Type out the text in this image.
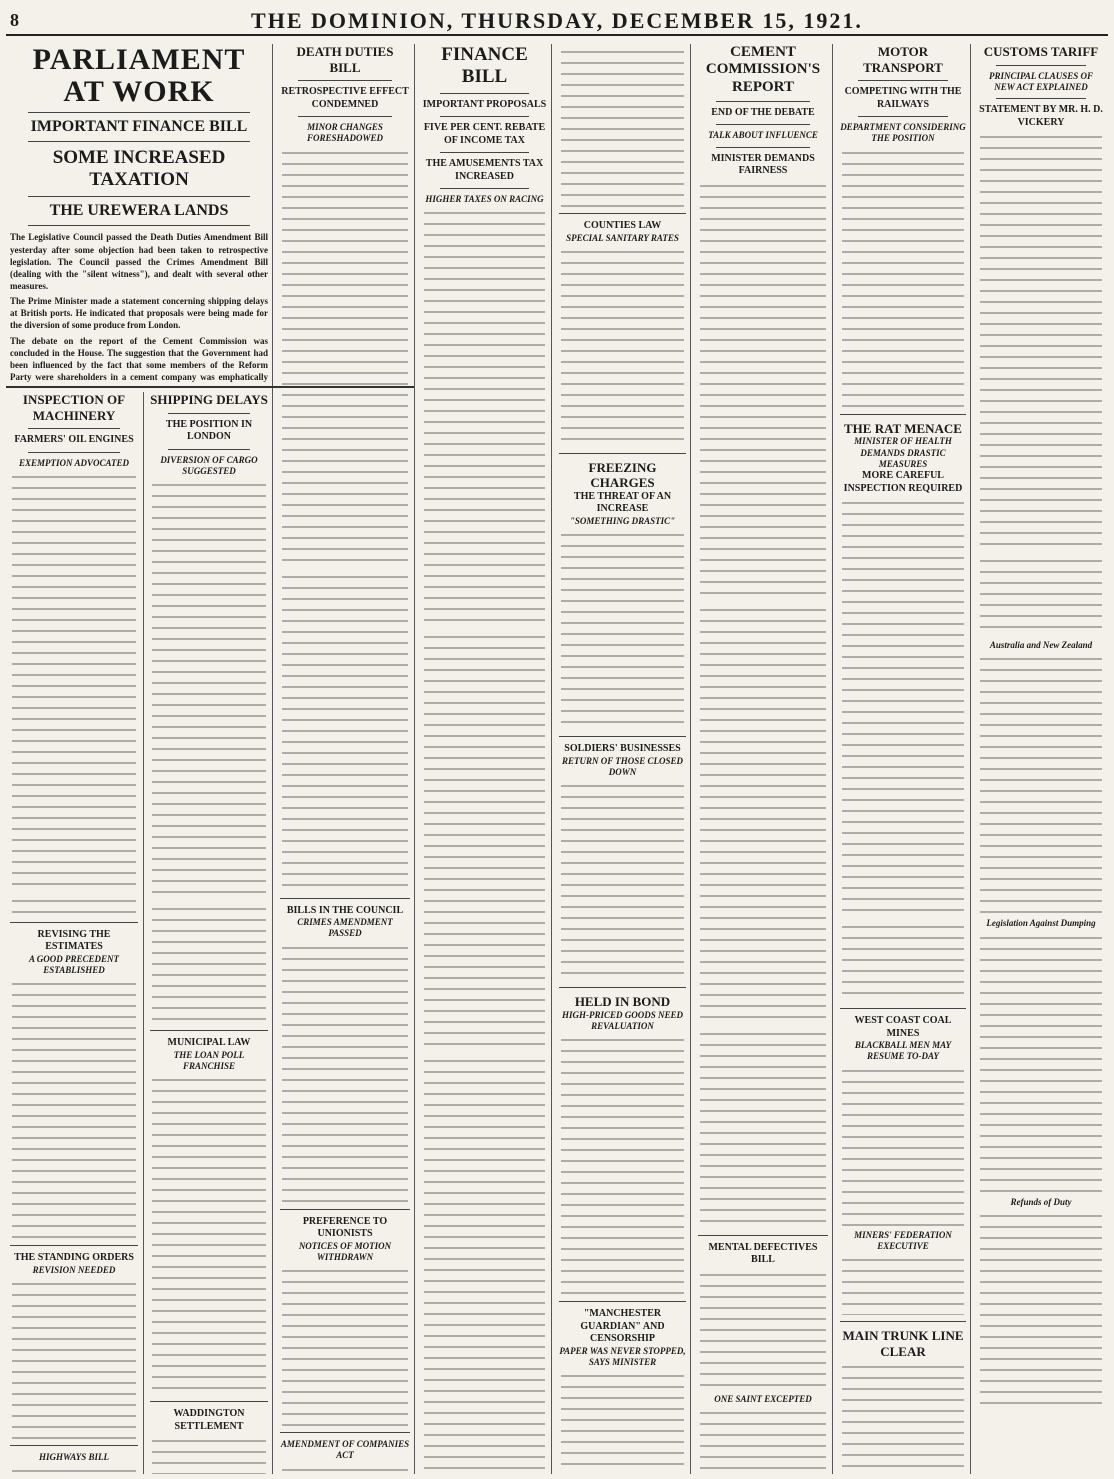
8	THE DOMINION, THURSDAY, DECEMBER 15, 1921.
PARLIAMENT AT WORK
IMPORTANT FINANCE BILL
SOME INCREASED TAXATION
THE UREWERA LANDS
The Legislative Council passed the Death Duties Amendment Bill yesterday after some objection had been taken to retrospective legislation. The Council passed the Crimes Amendment Bill (dealing with the "silent witness"), and dealt with several other measures.
The Prime Minister made a statement concerning shipping delays at British ports. He indicated that proposals were being made for the diversion of some produce from London.
The debate on the report of the Cement Commission was concluded in the House. The suggestion that the Government had been influenced by the fact that some members of the Reform Party were shareholders in a cement company was emphatically
INSPECTION OF MACHINERY
FARMERS' OIL ENGINES
EXEMPTION ADVOCATED
REVISING THE ESTIMATES
A GOOD PRECEDENT ESTABLISHED
THE STANDING ORDERS
REVISION NEEDED
HIGHWAYS BILL
SHIPPING DELAYS
THE POSITION IN LONDON
DIVERSION OF CARGO SUGGESTED
MUNICIPAL LAW
THE LOAN POLL FRANCHISE
WADDINGTON SETTLEMENT
DEATH DUTIES BILL
RETROSPECTIVE EFFECT CONDEMNED
MINOR CHANGES FORESHADOWED
BILLS IN THE COUNCIL
CRIMES AMENDMENT PASSED
PREFERENCE TO UNIONISTS
NOTICES OF MOTION WITHDRAWN
AMENDMENT OF COMPANIES ACT
FINANCE BILL
IMPORTANT PROPOSALS
FIVE PER CENT. REBATE OF INCOME TAX
THE AMUSEMENTS TAX INCREASED
HIGHER TAXES ON RACING
COUNTIES LAW
SPECIAL SANITARY RATES
FREEZING CHARGES
THE THREAT OF AN INCREASE
"SOMETHING DRASTIC"
SOLDIERS' BUSINESSES
RETURN OF THOSE CLOSED DOWN
HELD IN BOND
HIGH-PRICED GOODS NEED REVALUATION
"MANCHESTER GUARDIAN" AND CENSORSHIP
PAPER WAS NEVER STOPPED, SAYS MINISTER
CEMENT COMMISSION'S REPORT
END OF THE DEBATE
TALK ABOUT INFLUENCE
MINISTER DEMANDS FAIRNESS
MENTAL DEFECTIVES BILL
ONE SAINT EXCEPTED
MOTOR TRANSPORT
COMPETING WITH THE RAILWAYS
DEPARTMENT CONSIDERING THE POSITION
THE RAT MENACE
MINISTER OF HEALTH DEMANDS DRASTIC MEASURES
MORE CAREFUL INSPECTION REQUIRED
WEST COAST COAL MINES
BLACKBALL MEN MAY RESUME TO-DAY
MINERS' FEDERATION EXECUTIVE
MAIN TRUNK LINE CLEAR
CUSTOMS TARIFF
PRINCIPAL CLAUSES OF NEW ACT EXPLAINED
STATEMENT BY MR. H. D. VICKERY
Australia and New Zealand
Legislation Against Dumping
Refunds of Duty
